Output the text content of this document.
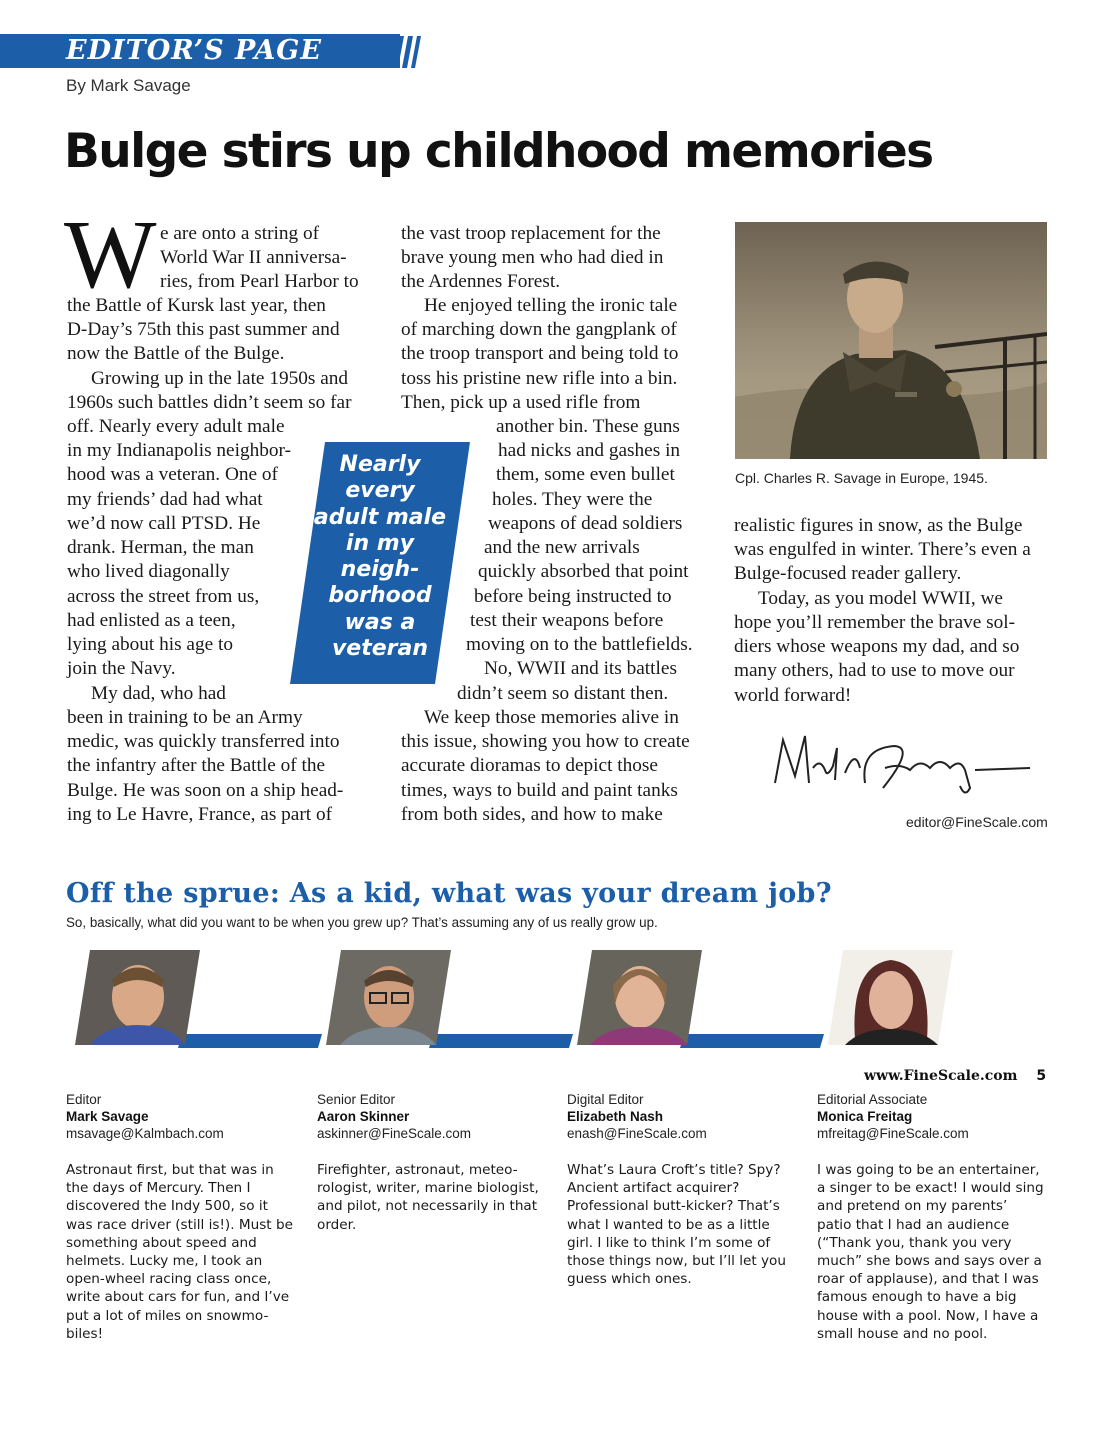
EDITOR’S PAGE
By Mark Savage
Bulge stirs up childhood memories
W e are onto a string of
World War II anniversa-
ries, from Pearl Harbor to
the Battle of Kursk last year, then
D-Day’s 75th this past summer and
now the Battle of the Bulge.
Growing up in the late 1950s and
1960s such battles didn’t seem so far
off. Nearly every adult male
in my Indianapolis neighbor-
hood was a veteran. One of
my friends’ dad had what
we’d now call PTSD. He
drank. Herman, the man
who lived diagonally
across the street from us,
had enlisted as a teen,
lying about his age to
join the Navy.
My dad, who had
been in training to be an Army
medic, was quickly transferred into
the infantry after the Battle of the
Bulge. He was soon on a ship head-
ing to Le Havre, France, as part of
the vast troop replacement for the
brave young men who had died in
the Ardennes Forest.
He enjoyed telling the ironic tale
of marching down the gangplank of
the troop transport and being told to
toss his pristine new rifle into a bin.
Then, pick up a used rifle from
another bin. These guns
had nicks and gashes in
them, some even bullet
holes. They were the
weapons of dead soldiers
and the new arrivals
quickly absorbed that point
before being instructed to
test their weapons before
moving on to the battlefields.
No, WWII and its battles
didn’t seem so distant then.
We keep those memories alive in
this issue, showing you how to create
accurate dioramas to depict those
times, ways to build and paint tanks
from both sides, and how to make
realistic figures in snow, as the Bulge
was engulfed in winter. There’s even a
Bulge-focused reader gallery.
Today, as you model WWII, we
hope you’ll remember the brave sol-
diers whose weapons my dad, and so
many others, had to use to move our
world forward!
Nearly
every
adult male
in my
neigh-
borhood
was a
veteran
Cpl. Charles R. Savage in Europe, 1945.
editor@FineScale.com
Off the sprue: As a kid, what was your dream job?
So, basically, what did you want to be when you grew up? That’s assuming any of us really grow up.
Editor
Mark Savage
msavage@Kalmbach.com
Astronaut first, but that was in
the days of Mercury. Then I
discovered the Indy 500, so it
was race driver (still is!). Must be
something about speed and
helmets. Lucky me, I took an
open-wheel racing class once,
write about cars for fun, and I’ve
put a lot of miles on snowmo-
biles!
Senior Editor
Aaron Skinner
askinner@FineScale.com
Firefighter, astronaut, meteo-
rologist, writer, marine biologist,
and pilot, not necessarily in that
order.
Digital Editor
Elizabeth Nash
enash@FineScale.com
What’s Laura Croft’s title? Spy?
Ancient artifact acquirer?
Professional butt-kicker? That’s
what I wanted to be as a little
girl. I like to think I’m some of
those things now, but I’ll let you
guess which ones.
Editorial Associate
Monica Freitag
mfreitag@FineScale.com
I was going to be an entertainer,
a singer to be exact! I would sing
and pretend on my parents’
patio that I had an audience
(“Thank you, thank you very
much” she bows and says over a
roar of applause), and that I was
famous enough to have a big
house with a pool. Now, I have a
small house and no pool.
www.FineScale.com 5
